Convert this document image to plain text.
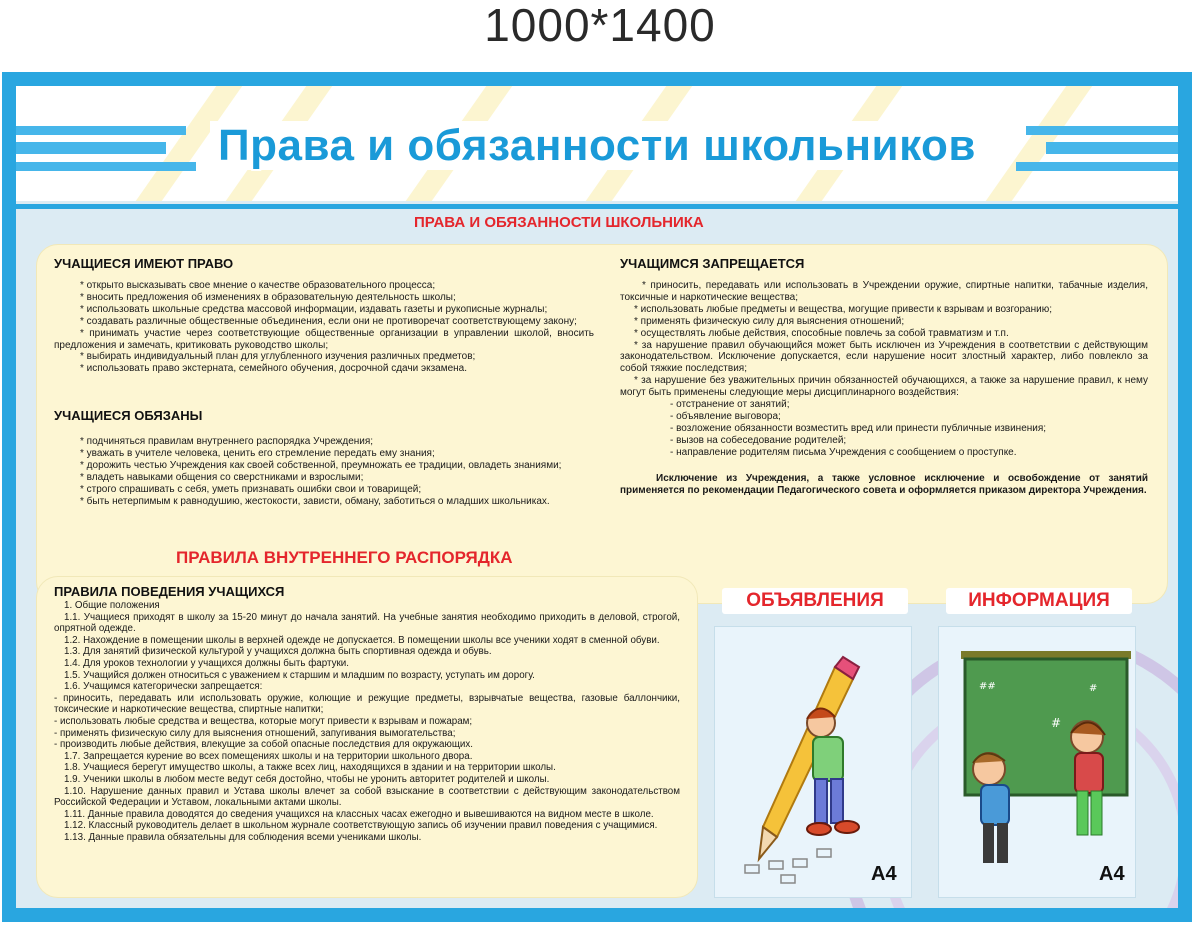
1000*1400
Права и обязанности школьников
ПРАВА И ОБЯЗАННОСТИ ШКОЛЬНИКА
УЧАЩИЕСЯ ИМЕЮТ ПРАВО
* открыто высказывать свое мнение о качестве образовательного процесса;
* вносить предложения об изменениях в образовательную деятельность школы;
* использовать школьные средства массовой информации, издавать газеты и рукописные журналы;
* создавать различные общественные объединения, если они не противоречат соответствующему закону;
* принимать участие через соответствующие общественные организации в управлении школой, вносить предложения и замечать, критиковать руководство школы;
* выбирать индивидуальный план для углубленного изучения различных предметов;
* использовать право экстерната, семейного обучения, досрочной сдачи экзамена.
УЧАЩИЕСЯ ОБЯЗАНЫ
* подчиняться правилам внутреннего распорядка Учреждения;
* уважать в учителе человека, ценить его стремление передать ему знания;
* дорожить честью Учреждения как своей собственной, преумножать ее традиции, овладеть знаниями;
* владеть навыками общения со сверстниками и взрослыми;
* строго спрашивать с себя, уметь признавать ошибки свои и товарищей;
* быть нетерпимым к равнодушию, жестокости, зависти, обману, заботиться о младших школьниках.
УЧАЩИМСЯ ЗАПРЕЩАЕТСЯ
* приносить, передавать или использовать в Учреждении оружие, спиртные напитки, табачные изделия, токсичные и наркотические вещества;
* использовать любые предметы и вещества, могущие привести к взрывам и возгоранию;
* применять физическую силу для выяснения отношений;
* осуществлять любые действия, способные повлечь за собой травматизм и т.п.
* за нарушение правил обучающийся может быть исключен из Учреждения в соответствии с действующим законодательством. Исключение допускается, если нарушение носит злостный характер, либо повлекло за собой тяжкие последствия;
* за нарушение без уважительных причин обязанностей обучающихся, а также за нарушение правил, к нему могут быть применены следующие меры дисциплинарного воздействия:
- отстранение от занятий;
- объявление выговора;
- возложение обязанности возместить вред или принести публичные извинения;
- вызов на собеседование родителей;
- направление родителям письма Учреждения с сообщением о проступке.
Исключение из Учреждения, а также условное исключение и освобождение от занятий применяется по рекомендации Педагогического совета и оформляется приказом директора Учреждения.
ПРАВИЛА ВНУТРЕННЕГО РАСПОРЯДКА
ПРАВИЛА ПОВЕДЕНИЯ УЧАЩИХСЯ
1. Общие положения
1.1. Учащиеся приходят в школу за 15-20 минут до начала занятий. На учебные занятия необходимо приходить в деловой, строгой, опрятной одежде.
1.2. Нахождение в помещении школы в верхней одежде не допускается. В помещении школы все ученики ходят в сменной обуви.
1.3. Для занятий физической культурой у учащихся должна быть спортивная одежда и обувь.
1.4. Для уроков технологии у учащихся должны быть фартуки.
1.5. Учащийся должен относиться с уважением к старшим и младшим по возрасту, уступать им дорогу.
1.6. Учащимся категорически запрещается:
- приносить, передавать или использовать оружие, колющие и режущие предметы, взрывчатые вещества, газовые баллончики, токсические и наркотические вещества, спиртные напитки;
- использовать любые средства и вещества, которые могут привести к взрывам и пожарам;
- применять физическую силу для выяснения отношений, запугивания вымогательства;
- производить любые действия, влекущие за собой опасные последствия для окружающих.
1.7. Запрещается курение во всех помещениях школы и на территории школьного двора.
1.8. Учащиеся берегут имущество школы, а также всех лиц, находящихся в здании и на территории школы.
1.9. Ученики школы в любом месте ведут себя достойно, чтобы не уронить авторитет родителей и школы.
1.10. Нарушение данных правил и Устава школы влечет за собой взыскание в соответствии с действующим законодательством Российской Федерации и Уставом, локальными актами школы.
1.11. Данные правила доводятся до сведения учащихся на классных часах ежегодно и вывешиваются на видном месте в школе.
1.12. Классный руководитель делает в школьном журнале соответствующую запись об изучении правил поведения с учащимися.
1.13. Данные правила обязательны для соблюдения всеми учениками школы.
ОБЪЯВЛЕНИЯ
А4
ИНФОРМАЦИЯ
#
#
##
А4
